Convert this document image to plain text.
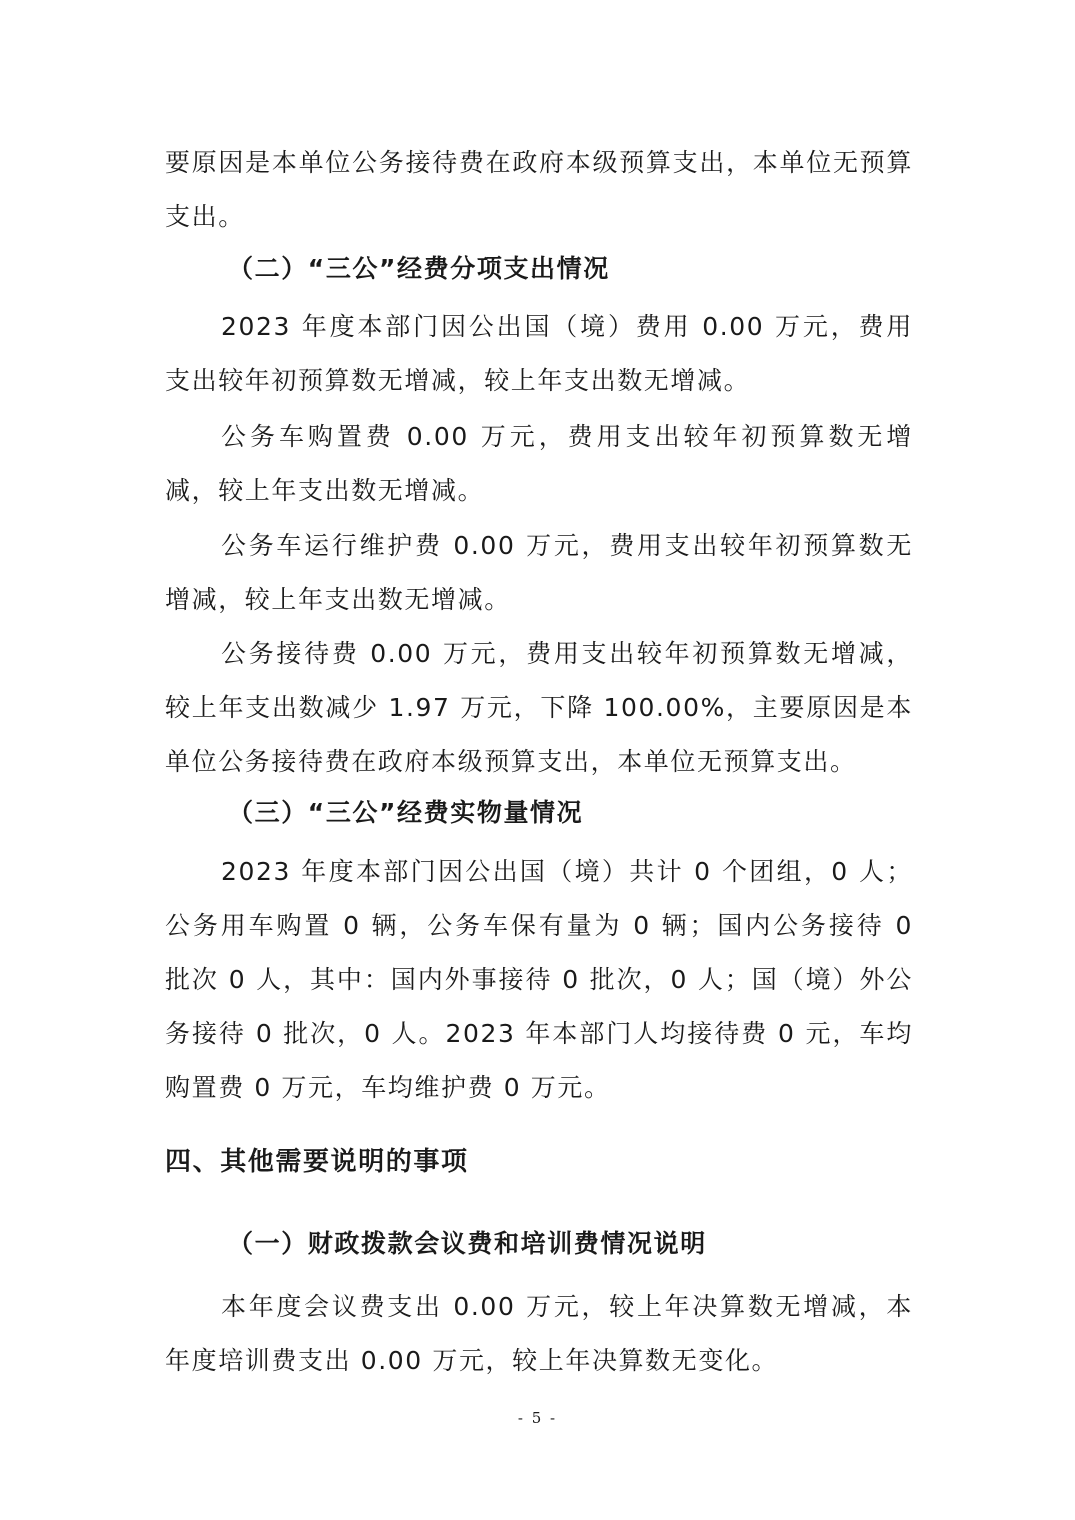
要原因是本单位公务接待费在政府本级预算支出，本单位无预算支出。

（二）“三公”经费分项支出情况

2023 年度本部门因公出国（境）费用 0.00 万元，费用支出较年初预算数无增减，较上年支出数无增减。

公务车购置费 0.00 万元，费用支出较年初预算数无增减，较上年支出数无增减。

公务车运行维护费 0.00 万元，费用支出较年初预算数无增减，较上年支出数无增减。

公务接待费 0.00 万元，费用支出较年初预算数无增减，较上年支出数减少 1.97 万元，下降 100.00%，主要原因是本单位公务接待费在政府本级预算支出，本单位无预算支出。

（三）“三公”经费实物量情况

2023 年度本部门因公出国（境）共计 0 个团组，0 人；公务用车购置 0 辆，公务车保有量为 0 辆；国内公务接待 0 批次 0 人，其中：国内外事接待 0 批次，0 人；国（境）外公务接待 0 批次，0 人。2023 年本部门人均接待费 0 元，车均购置费 0 万元，车均维护费 0 万元。

四、其他需要说明的事项

（一）财政拨款会议费和培训费情况说明

本年度会议费支出 0.00 万元，较上年决算数无增减，本年度培训费支出 0.00 万元，较上年决算数无变化。

- 5 -
